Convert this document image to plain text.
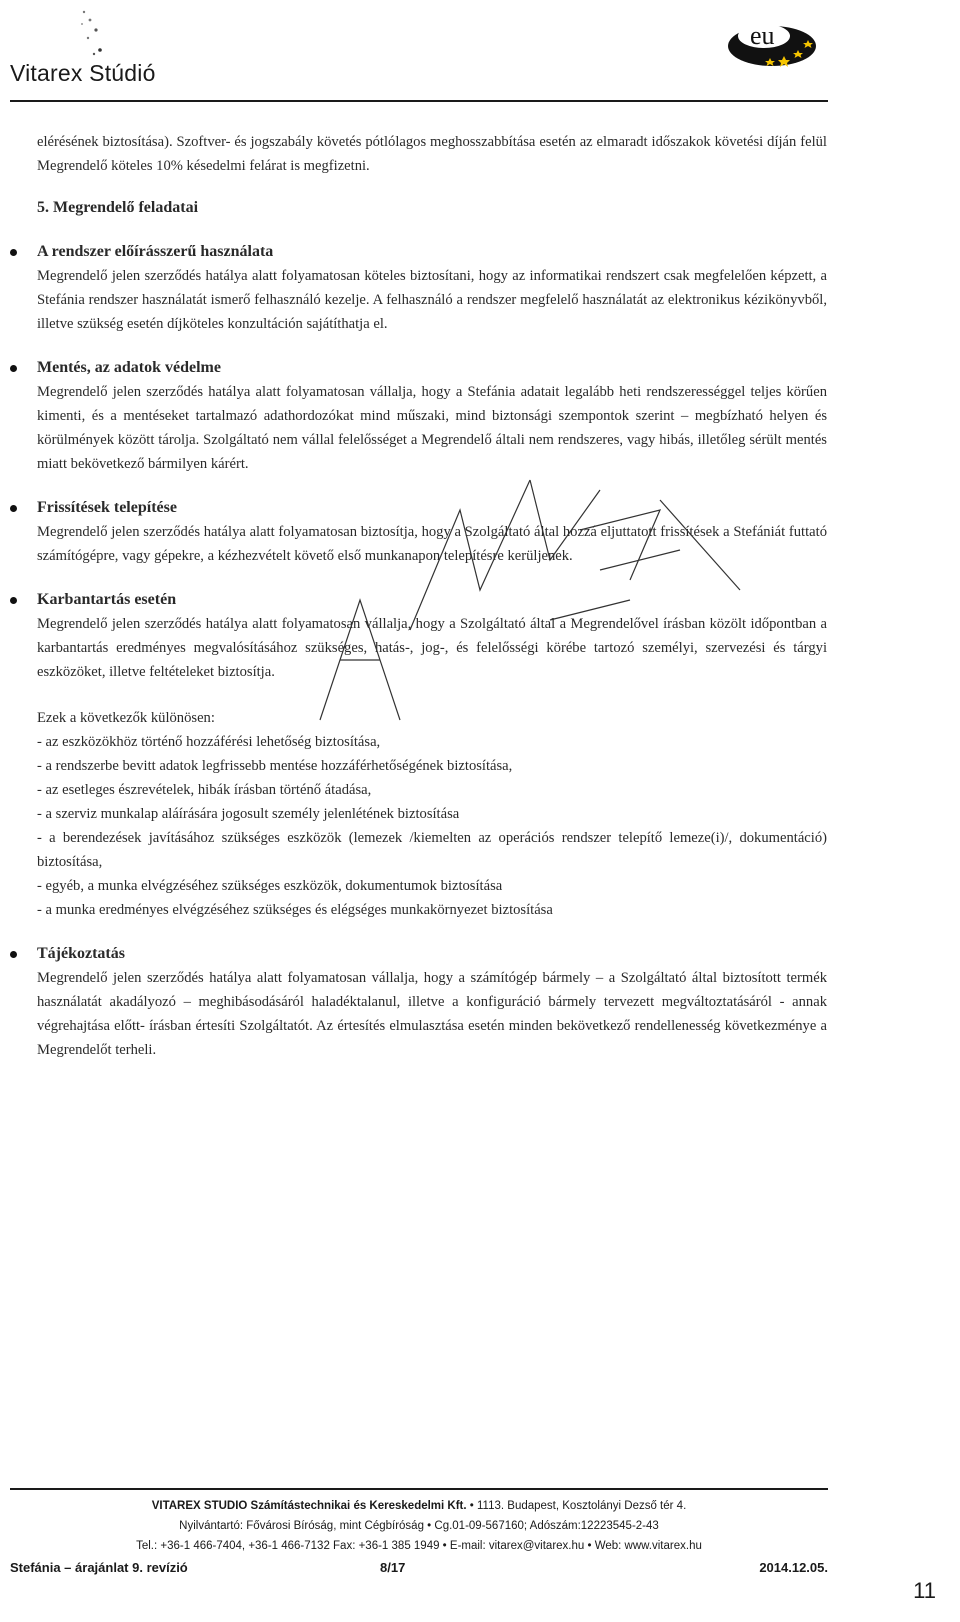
Vitarex Stúdió
eu

elérésének biztosítása). Szoftver- és jogszabály követés pótlólagos meghosszabbítása esetén az elmaradt időszakok követési díján felül Megrendelő köteles 10% késedelmi felárat is megfizetni.

5. Megrendelő feladatai

A rendszer előírásszerű használata

Megrendelő jelen szerződés hatálya alatt folyamatosan köteles biztosítani, hogy az informatikai rendszert csak megfelelően képzett, a Stefánia rendszer használatát ismerő felhasználó kezelje. A felhasználó a rendszer megfelelő használatát az elektronikus kézikönyvből, illetve szükség esetén díjköteles konzultáción sajátíthatja el.

Mentés, az adatok védelme

Megrendelő jelen szerződés hatálya alatt folyamatosan vállalja, hogy a Stefánia adatait legalább heti rendszerességgel teljes körűen kimenti, és a mentéseket tartalmazó adathordozókat mind műszaki, mind biztonsági szempontok szerint – megbízható helyen és körülmények között tárolja. Szolgáltató nem vállal felelősséget a Megrendelő általi nem rendszeres, vagy hibás, illetőleg sérült mentés miatt bekövetkező bármilyen kárért.

Frissítések telepítése

Megrendelő jelen szerződés hatálya alatt folyamatosan biztosítja, hogy a Szolgáltató által hozzá eljuttatott frissítések a Stefániát futtató számítógépre, vagy gépekre, a kézhezvételt követő első munkanapon telepítésre kerüljenek.

Karbantartás esetén

Megrendelő jelen szerződés hatálya alatt folyamatosan vállalja, hogy a Szolgáltató által a Megrendelővel írásban közölt időpontban a karbantartás eredményes megvalósításához szükséges, hatás-, jog-, és felelősségi körébe tartozó személyi, szervezési és tárgyi eszközöket, illetve feltételeket biztosítja.

Ezek a következők különösen:

- az eszközökhöz történő hozzáférési lehetőség biztosítása,

- a rendszerbe bevitt adatok legfrissebb mentése hozzáférhetőségének biztosítása,

- az esetleges észrevételek, hibák írásban történő átadása,

- a szerviz munkalap aláírására jogosult személy jelenlétének biztosítása

- a berendezések javításához szükséges eszközök (lemezek /kiemelten az operációs rendszer telepítő lemeze(i)/, dokumentáció) biztosítása,

- egyéb, a munka elvégzéséhez szükséges eszközök, dokumentumok biztosítása

- a munka eredményes elvégzéséhez szükséges és elégséges munkakörnyezet biztosítása

Tájékoztatás

Megrendelő jelen szerződés hatálya alatt folyamatosan vállalja, hogy a számítógép bármely – a Szolgáltató által biztosított termék használatát akadályozó – meghibásodásáról haladéktalanul, illetve a konfiguráció bármely tervezett megváltoztatásáról - annak végrehajtása előtt- írásban értesíti Szolgáltatót. Az értesítés elmulasztása esetén minden bekövetkező rendellenesség következménye a Megrendelőt terheli.

VITAREX STUDIO Számítástechnikai és Kereskedelmi Kft. • 1113. Budapest, Kosztolányi Dezső tér 4.
Nyilvántartó: Fővárosi Bíróság, mint Cégbíróság • Cg.01-09-567160; Adószám:12223545-2-43
Tel.: +36-1 466-7404, +36-1 466-7132 Fax: +36-1 385 1949 • E-mail: vitarex@vitarex.hu • Web: www.vitarex.hu
Stefánia – árajánlat 9. revízió	8/17	2014.12.05.
11
